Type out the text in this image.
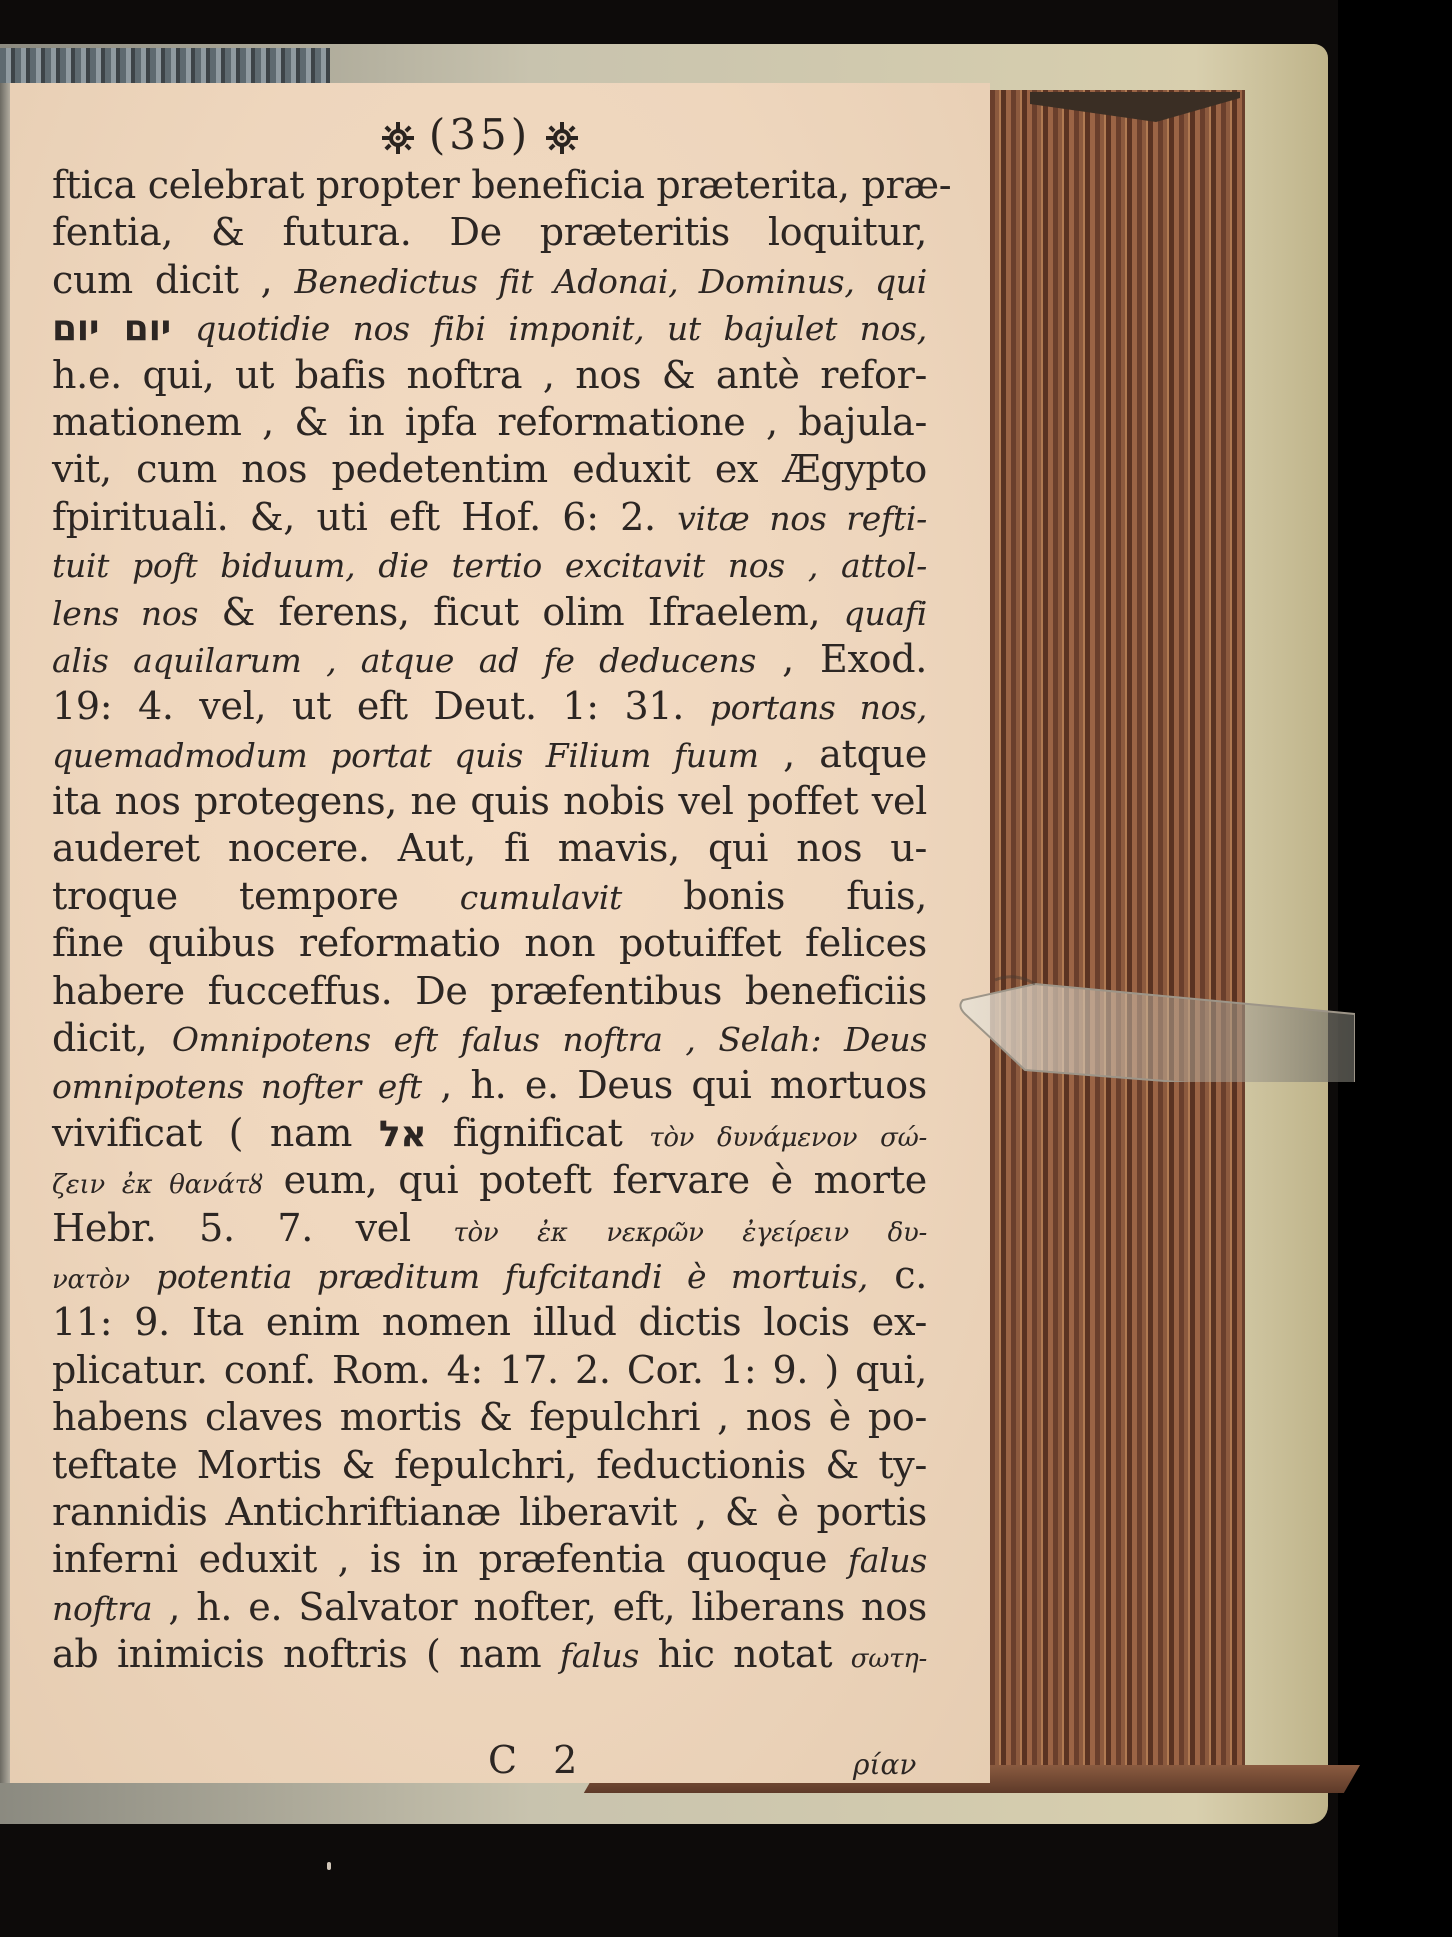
(35)
ftica celebrat propter beneficia præterita, præ-
fentia, & futura. De præteritis loquitur,
cum dicit , Benedictus fit Adonai, Dominus, qui
יום יום quotidie nos fibi imponit, ut bajulet nos,
h.e. qui, ut bafis noftra , nos & antè refor-
mationem , & in ipfa reformatione , bajula-
vit, cum nos pedetentim eduxit ex Ægypto
fpirituali. &, uti eft Hof. 6: 2. vitæ nos refti-
tuit poft biduum, die tertio excitavit nos , attol-
lens nos & ferens, ficut olim Ifraelem, quafi
alis aquilarum , atque ad fe deducens , Exod.
19: 4. vel, ut eft Deut. 1: 31. portans nos,
quemadmodum portat quis Filium fuum , atque
ita nos protegens, ne quis nobis vel poffet vel
auderet nocere. Aut, fi mavis, qui nos u-
troque tempore cumulavit bonis fuis,
fine quibus reformatio non potuiffet felices
habere fucceffus. De præfentibus beneficiis
dicit, Omnipotens eft falus noftra , Selah: Deus
omnipotens nofter eft , h. e. Deus qui mortuos
vivificat ( nam אל fignificat τὸν δυνάμενον σώ-
ζειν ἐκ θανάτȣ eum, qui poteft fervare è morte
Hebr. 5. 7. vel τὸν ἐκ νεκρῶν ἐγείρειν δυ-
νατὸν potentia præditum fufcitandi è mortuis, c.
11: 9. Ita enim nomen illud dictis locis ex-
plicatur. conf. Rom. 4: 17. 2. Cor. 1: 9. ) qui,
habens claves mortis & fepulchri , nos è po-
teftate Mortis & fepulchri, feductionis & ty-
rannidis Antichriftianæ liberavit , & è portis
inferni eduxit , is in præfentia quoque falus
noftra , h. e. Salvator nofter, eft, liberans nos
ab inimicis noftris ( nam falus hic notat σωτη-
C 2	ρίαν
